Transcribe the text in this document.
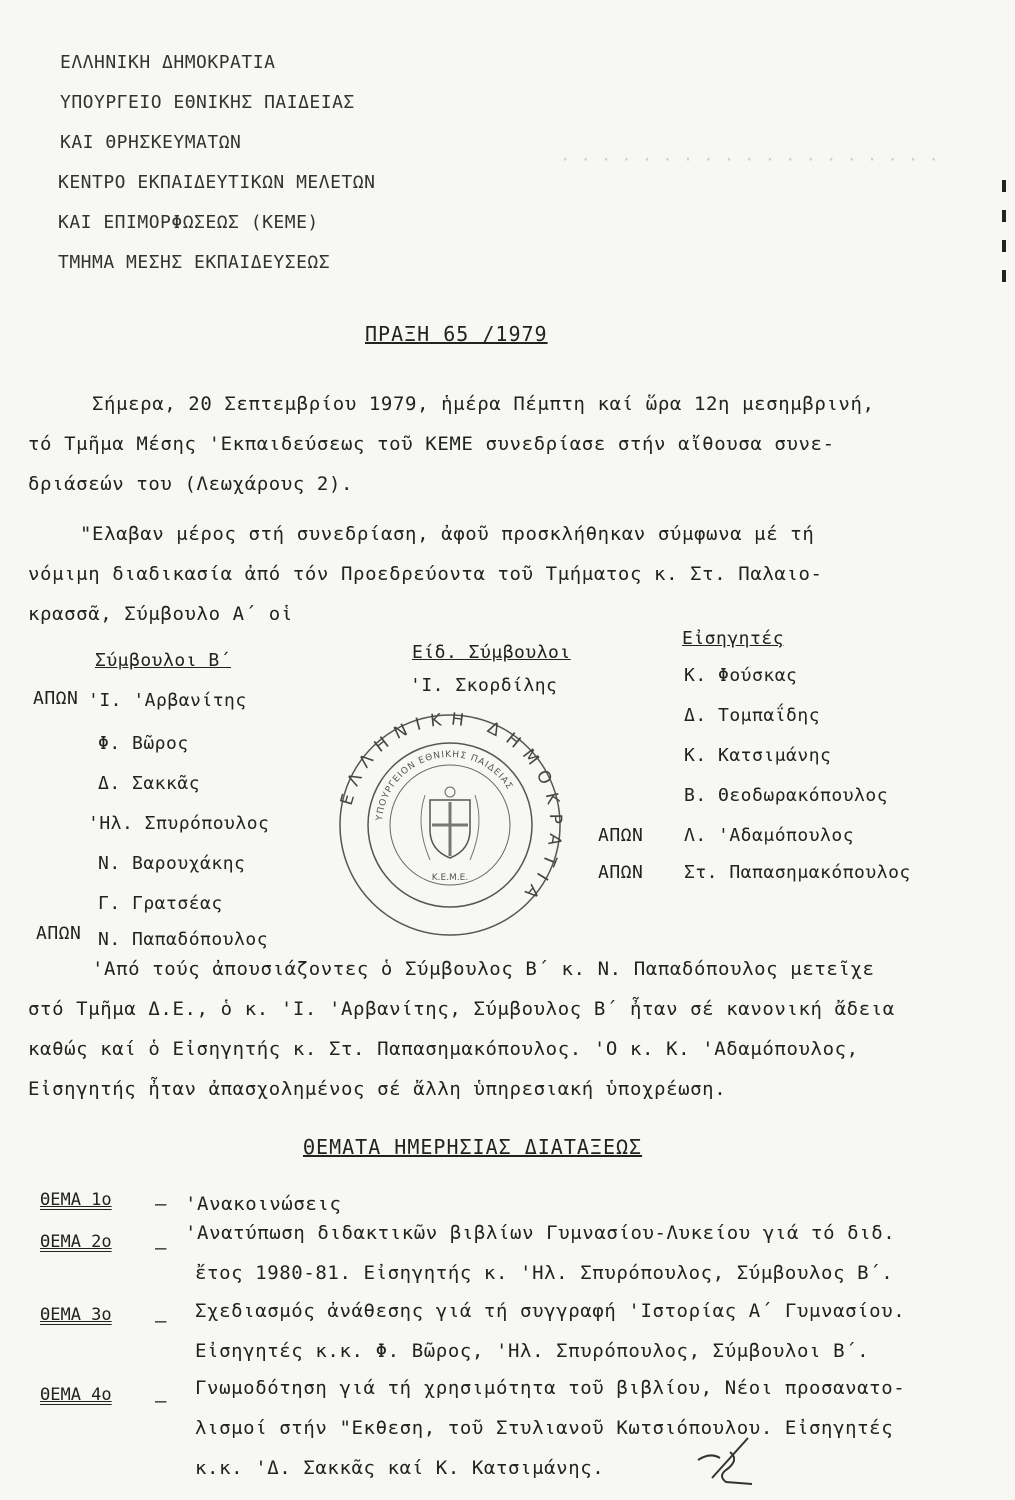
· · · · · · · · · · · · · · · · · · ·
ΕΛΛΗΝΙΚΗ ΔΗΜΟΚΡΑΤΙΑ
ΥΠΟΥΡΓΕΙΟ ΕΘΝΙΚΗΣ ΠΑΙΔΕΙΑΣ
ΚΑΙ ΘΡΗΣΚΕΥΜΑΤΩΝ
ΚΕΝΤΡΟ ΕΚΠΑΙΔΕΥΤΙΚΩΝ ΜΕΛΕΤΩΝ
ΚΑΙ ΕΠΙΜΟΡΦΩΣΕΩΣ (ΚΕΜΕ)
ΤΜΗΜΑ ΜΕΣΗΣ ΕΚΠΑΙΔΕΥΣΕΩΣ
ΠΡΑΞΗ 65 /1979
Σήμερα, 20 Σεπτεμβρίου 1979, ἡμέρα Πέμπτη καί ὥρα 12η μεσημβρινή,
τό Τμῆμα Μέσης 'Εκπαιδεύσεως τοῦ ΚΕΜΕ συνεδρίασε στήν αἴθουσα συνε-
δριάσεών του (Λεωχάρους 2).
"Ελαβαν μέρος στή συνεδρίαση, ἀφοῦ προσκλήθηκαν σύμφωνα μέ τή
νόμιμη διαδικασία ἀπό τόν Προεδρεύοντα τοῦ Τμήματος κ. Στ. Παλαιο-
κρασσᾶ, Σύμβουλο Α΄ οἱ
Σύμβουλοι Β΄
ΑΠΩΝ 'Ι. 'Αρβανίτης
Φ. Βῶρος
Δ. Σακκᾶς
'Ηλ. Σπυρόπουλος
Ν. Βαρουχάκης
Γ. Γρατσέας
ΑΠΩΝ Ν. Παπαδόπουλος
Είδ. Σύμβουλοι
'Ι. Σκορδίλης
Εἰσηγητές
Κ. Φούσκας
Δ. Τομπαΐδης
Κ. Κατσιμάνης
Β. Θεοδωρακόπουλος
ΑΠΩΝ Λ. 'Αδαμόπουλος
ΑΠΩΝ Στ. Παπασημακόπουλος
ΕΛΛΗΝΙΚΗ ΔΗΜΟΚΡΑΤΙΑ
ΥΠΟΥΡΓΕΙΟΝ ΕΘΝΙΚΗΣ ΠΑΙΔΕΙΑΣ
Κ.Ε.Μ.Ε.
'Από τούς ἀπουσιάζοντες ὁ Σύμβουλος Β΄ κ. Ν. Παπαδόπουλος μετεῖχε
στό Τμῆμα Δ.Ε., ὁ κ. 'Ι. 'Αρβανίτης, Σύμβουλος Β΄ ἦταν σέ κανονική ἄδεια
καθώς καί ὁ Εἰσηγητής κ. Στ. Παπασημακόπουλος. 'Ο κ. Κ. 'Αδαμόπουλος,
Εἰσηγητής ἦταν ἀπασχολημένος σέ ἄλλη ὑπηρεσιακή ὑποχρέωση.
ΘΕΜΑΤΑ ΗΜΕΡΗΣΙΑΣ ΔΙΑΤΑΞΕΩΣ
ΘΕΜΑ 1ο – 'Ανακοινώσεις
ΘΕΜΑ 2ο –
'Ανατύπωση διδακτικῶν βιβλίων Γυμνασίου-Λυκείου γιά τό διδ.
ἔτος 1980-81. Εἰσηγητής κ. 'Ηλ. Σπυρόπουλος, Σύμβουλος Β΄.
ΘΕΜΑ 3ο – Σχεδιασμός ἀνάθεσης γιά τή συγγραφή 'Ιστορίας Α΄ Γυμνασίου.
Εἰσηγητές κ.κ. Φ. Βῶρος, 'Ηλ. Σπυρόπουλος, Σύμβουλοι Β΄.
ΘΕΜΑ 4ο –
Γνωμοδότηση γιά τή χρησιμότητα τοῦ βιβλίου, Νέοι προσανατο-
λισμοί στήν "Εκθεση, τοῦ Στυλιανοῦ Κωτσιόπουλου. Εἰσηγητές
κ.κ. 'Δ. Σακκᾶς καί Κ. Κατσιμάνης.
